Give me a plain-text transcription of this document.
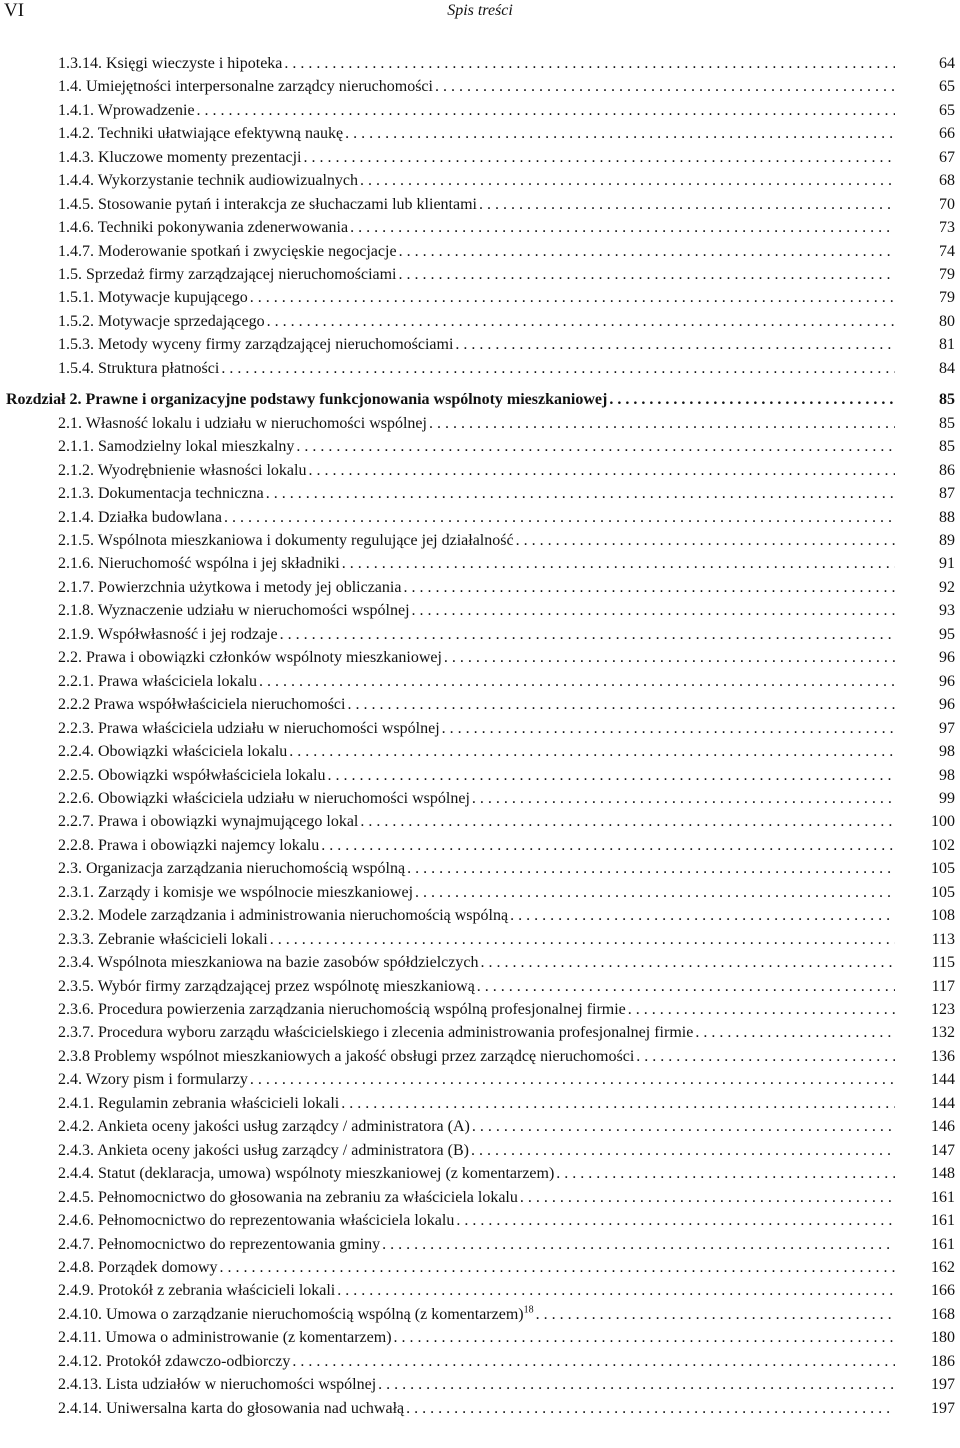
VI	Spis treści
1.3.14. Księgi wieczyste i hipoteka . . .	64
1.4. Umiejętności interpersonalne zarządcy nieruchomości . . .	65
1.4.1. Wprowadzenie . . .	65
1.4.2. Techniki ułatwiające efektywną naukę . . .	66
1.4.3. Kluczowe momenty prezentacji . . .	67
1.4.4. Wykorzystanie technik audiowizualnych . . .	68
1.4.5. Stosowanie pytań i interakcja ze słuchaczami lub klientami . . .	70
1.4.6. Techniki pokonywania zdenerwowania . . .	73
1.4.7. Moderowanie spotkań i zwycięskie negocjacje . . .	74
1.5. Sprzedaż firmy zarządzającej nieruchomościami . . .	79
1.5.1. Motywacje kupującego . . .	79
1.5.2. Motywacje sprzedającego . . .	80
1.5.3. Metody wyceny firmy zarządzającej nieruchomościami . . .	81
1.5.4. Struktura płatności . . .	84
Rozdział 2. Prawne i organizacyjne podstawy funkcjonowania wspólnoty mieszkaniowej . . .	85
2.1. Własność lokalu i udziału w nieruchomości wspólnej . . .	85
2.1.1. Samodzielny lokal mieszkalny . . .	85
2.1.2. Wyodrębnienie własności lokalu . . .	86
2.1.3. Dokumentacja techniczna . . .	87
2.1.4. Działka budowlana . . .	88
2.1.5. Wspólnota mieszkaniowa i dokumenty regulujące jej działalność . . .	89
2.1.6. Nieruchomość wspólna i jej składniki . . .	91
2.1.7. Powierzchnia użytkowa i metody jej obliczania . . .	92
2.1.8. Wyznaczenie udziału w nieruchomości wspólnej . . .	93
2.1.9. Współwłasność i jej rodzaje . . .	95
2.2. Prawa i obowiązki członków wspólnoty mieszkaniowej . . .	96
2.2.1. Prawa właściciela lokalu . . .	96
2.2.2 Prawa współwłaściciela nieruchomości . . .	96
2.2.3. Prawa właściciela udziału w nieruchomości wspólnej . . .	97
2.2.4. Obowiązki właściciela lokalu . . .	98
2.2.5. Obowiązki współwłaściciela lokalu . . .	98
2.2.6. Obowiązki właściciela udziału w nieruchomości wspólnej . . .	99
2.2.7. Prawa i obowiązki wynajmującego lokal . . .	100
2.2.8. Prawa i obowiązki najemcy lokalu . . .	102
2.3. Organizacja zarządzania nieruchomością wspólną . . .	105
2.3.1. Zarządy i komisje we wspólnocie mieszkaniowej . . .	105
2.3.2. Modele zarządzania i administrowania nieruchomością wspólną . . .	108
2.3.3. Zebranie właścicieli lokali . . .	113
2.3.4. Wspólnota mieszkaniowa na bazie zasobów spółdzielczych . . .	115
2.3.5. Wybór firmy zarządzającej przez wspólnotę mieszkaniową . . .	117
2.3.6. Procedura powierzenia zarządzania nieruchomością wspólną profesjonalnej firmie . . .	123
2.3.7. Procedura wyboru zarządu właścicielskiego i zlecenia administrowania profesjonalnej firmie . . .	132
2.3.8 Problemy wspólnot mieszkaniowych a jakość obsługi przez zarządcę nieruchomości . . .	136
2.4. Wzory pism i formularzy . . .	144
2.4.1. Regulamin zebrania właścicieli lokali . . .	144
2.4.2. Ankieta oceny jakości usług zarządcy / administratora (A) . . .	146
2.4.3. Ankieta oceny jakości usług zarządcy / administratora (B) . . .	147
2.4.4. Statut (deklaracja, umowa) wspólnoty mieszkaniowej (z komentarzem) . . .	148
2.4.5. Pełnomocnictwo do głosowania na zebraniu za właściciela lokalu . . .	161
2.4.6. Pełnomocnictwo do reprezentowania właściciela lokalu . . .	161
2.4.7. Pełnomocnictwo do reprezentowania gminy . . .	161
2.4.8. Porządek domowy . . .	162
2.4.9. Protokół z zebrania właścicieli lokali . . .	166
2.4.10. Umowa o zarządzanie nieruchomością wspólną (z komentarzem)$^{18}$ . . .	168
2.4.11. Umowa o administrowanie (z komentarzem) . . .	180
2.4.12. Protokół zdawczo-odbiorczy . . .	186
2.4.13. Lista udziałów w nieruchomości wspólnej . . .	197
2.4.14. Uniwersalna karta do głosowania nad uchwałą . . .	197
